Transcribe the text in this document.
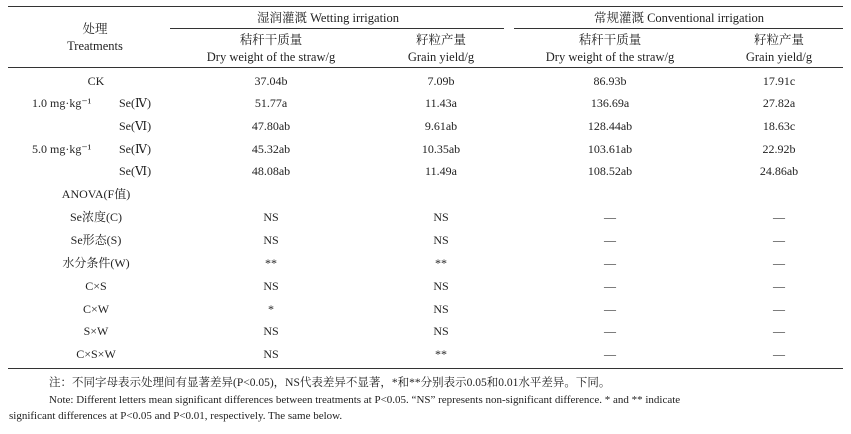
处理
Treatments
湿润灌溉 Wetting irrigation	常规灌溉 Conventional irrigation
秸秆干质量
Dry weight of the straw/g
籽粒产量
Grain yield/g
秸秆干质量
Dry weight of the straw/g
籽粒产量
Grain yield/g
CK	37.04b	7.09b	86.93b	17.91c
1.0 mg·kg⁻¹ Se(Ⅳ)	51.77a	11.43a	136.69a	27.82a
Se(Ⅵ)	47.80ab	9.61ab	128.44ab	18.63c
5.0 mg·kg⁻¹ Se(Ⅳ)	45.32ab	10.35ab	103.61ab	22.92b
Se(Ⅵ)	48.08ab	11.49a	108.52ab	24.86ab
ANOVA(F值)
Se浓度(C)	NS	NS	—	—
Se形态(S)	NS	NS	—	—
水分条件(W)	**	**	—	—
C×S	NS	NS	—	—
C×W	*	NS	—	—
S×W	NS	NS	—	—
C×S×W	NS	**	—	—
注：不同字母表示处理间有显著差异(P<0.05)，NS代表差异不显著，*和**分别表示0.05和0.01水平差异。下同。
Note: Different letters mean significant differences between treatments at P<0.05. “NS” represents non-significant difference. * and ** indicate
significant differences at P<0.05 and P<0.01, respectively. The same below.
